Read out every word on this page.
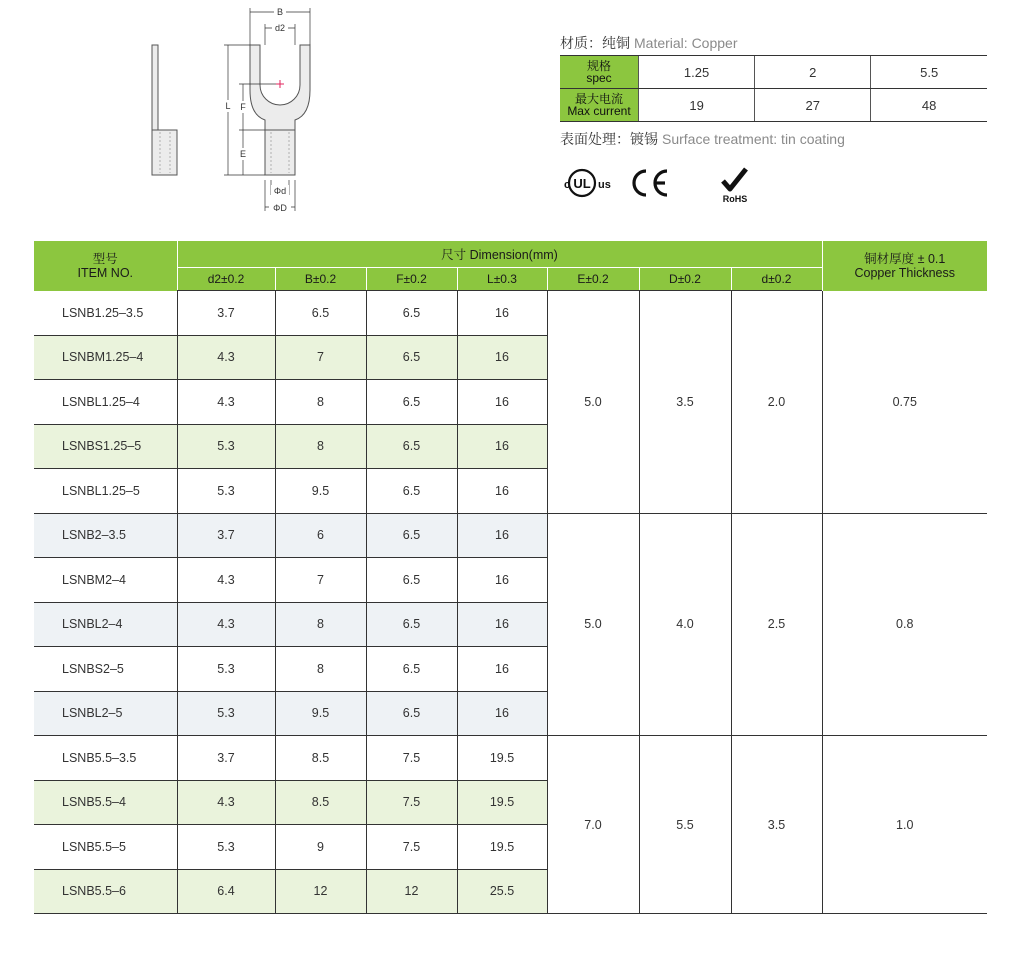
B
d2
L F
E
Φd
ΦD
材质：纯铜 Material: Copper
规格
spec	1.25	2	5.5
最大电流
Max current	19	27	48
表面处理：镀锡 Surface treatment: tin coating
c UL us
RoHS
型号
ITEM NO.	尺寸 Dimension(mm)							铜材厚度 ± 0.1
Copper Thickness
	d2±0.2	B±0.2	F±0.2	L±0.3	E±0.2	D±0.2	d±0.2	
LSNB1.25–3.5	3.7	6.5	6.5	16	5.0	3.5	2.0	0.75
LSNBM1.25–4	4.3	7	6.5	16				
LSNBL1.25–4	4.3	8	6.5	16				
LSNBS1.25–5	5.3	8	6.5	16				
LSNBL1.25–5	5.3	9.5	6.5	16				
LSNB2–3.5	3.7	6	6.5	16	5.0	4.0	2.5	0.8
LSNBM2–4	4.3	7	6.5	16				
LSNBL2–4	4.3	8	6.5	16				
LSNBS2–5	5.3	8	6.5	16				
LSNBL2–5	5.3	9.5	6.5	16				
LSNB5.5–3.5	3.7	8.5	7.5	19.5	7.0	5.5	3.5	1.0
LSNB5.5–4	4.3	8.5	7.5	19.5				
LSNB5.5–5	5.3	9	7.5	19.5				
LSNB5.5–6	6.4	12	12	25.5				
